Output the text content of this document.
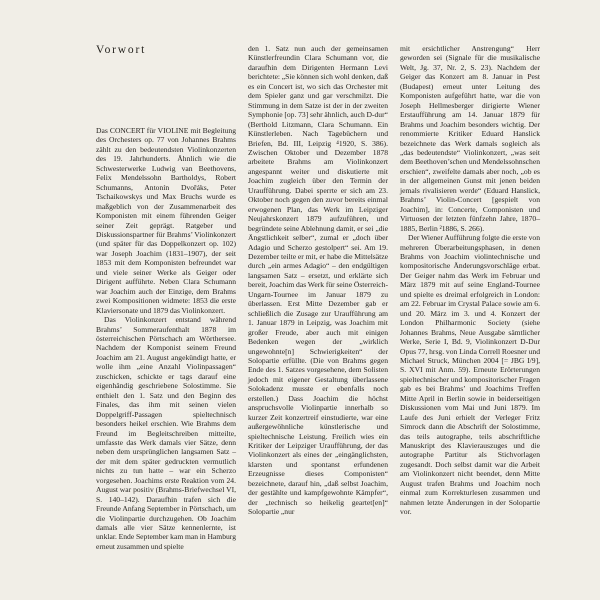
Vorwort

Das CONCERT für VIOLINE mit Begleitung des Orchesters op. 77 von Johannes Brahms zählt zu den bedeutendsten Violinkonzerten des 19. Jahrhunderts. Ähnlich wie die Schwesterwerke Ludwig van Beethovens, Felix Mendelssohn Bartholdys, Robert Schumanns, Antonín Dvořáks, Peter Tschaikowskys und Max Bruchs wurde es maßgeblich von der Zusammenarbeit des Komponisten mit einem führenden Geiger seiner Zeit geprägt. Ratgeber und Diskussionspartner für Brahms’ Violinkonzert (und später für das Doppelkonzert op. 102) war Joseph Joachim (1831–1907), der seit 1853 mit dem Komponisten befreundet war und viele seiner Werke als Geiger oder Dirigent aufführte. Neben Clara Schumann war Joachim auch der Einzige, dem Brahms zwei Kompositionen widmete: 1853 die erste Klaviersonate und 1879 das Violinkonzert.

Das Violinkonzert entstand während Brahms’ Sommeraufenthalt 1878 im österreichischen Pörtschach am Wörthersee. Nachdem der Komponist seinem Freund Joachim am 21. August angekündigt hatte, er wolle ihm „eine Anzahl Violinpassagen“ zuschicken, schickte er tags darauf eine eigenhändig geschriebene Solostimme. Sie enthielt den 1. Satz und den Beginn des Finales, das ihm mit seinen vielen Doppelgriff-Passagen spieltechnisch besonders heikel erschien. Wie Brahms dem Freund im Begleitschreiben mitteilte, umfasste das Werk damals vier Sätze, denn neben dem ursprünglichen langsamen Satz – der mit dem später gedruckten vermutlich nichts zu tun hatte – war ein Scherzo vorgesehen. Joachims erste Reaktion vom 24. August war positiv (Brahms-Briefwechsel VI, S. 140–142). Daraufhin trafen sich die Freunde Anfang September in Pörtschach, um die Violinpartie durchzugehen. Ob Joachim damals alle vier Sätze kennenlernte, ist unklar. Ende September kam man in Hamburg erneut zusammen und spielte

den 1. Satz nun auch der gemeinsamen Künstlerfreundin Clara Schumann vor, die daraufhin dem Dirigenten Hermann Levi berichtete: „Sie können sich wohl denken, daß es ein Concert ist, wo sich das Orchester mit dem Spieler ganz und gar verschmilzt. Die Stimmung in dem Satze ist der in der zweiten Symphonie [op. 73] sehr ähnlich, auch D-dur“ (Berthold Litzmann, Clara Schumann. Ein Künstlerleben. Nach Tagebüchern und Briefen, Bd. III, Leipzig ⁴1920, S. 386). Zwischen Oktober und Dezember 1878 arbeitete Brahms am Violinkonzert angespannt weiter und diskutierte mit Joachim zugleich über den Termin der Uraufführung. Dabei sperrte er sich am 23. Oktober noch gegen den zuvor bereits einmal erwogenen Plan, das Werk im Leipziger Neujahrskonzert 1879 aufzuführen, und begründete seine Ablehnung damit, er sei „die Ängstlichkeit selber“, zumal er „doch über Adagio und Scherzo gestolpert“ sei. Am 19. Dezember teilte er mit, er habe die Mittelsätze durch „ein armes Adagio“ – den endgültigen langsamen Satz – ersetzt, und erklärte sich bereit, Joachim das Werk für seine Österreich-Ungarn-Tournee im Januar 1879 zu überlassen. Erst Mitte Dezember gab er schließlich die Zusage zur Uraufführung am 1. Januar 1879 in Leipzig, was Joachim mit großer Freude, aber auch mit einigen Bedenken wegen der „wirklich ungewohnte[n] Schwierigkeiten“ der Solopartie erfüllte. (Die von Brahms gegen Ende des 1. Satzes vorgesehene, dem Solisten jedoch mit eigener Gestaltung überlassene Solokadenz musste er ebenfalls noch erstellen.) Dass Joachim die höchst anspruchsvolle Violinpartie innerhalb so kurzer Zeit konzertreif einstudierte, war eine außergewöhnliche künstlerische und spieltechnische Leistung. Freilich wies ein Kritiker der Leipziger Uraufführung, der das Violinkonzert als eines der „eingänglichsten, klarsten und spontanst erfundenen Erzeugnisse dieses Componisten“ bezeichnete, darauf hin, „daß selbst Joachim, der gestählte und kampfgewohnte Kämpfer“, der „technisch so heikelig geartet[en]“ Solopartie „nur

mit ersichtlicher Anstrengung“ Herr geworden sei (Signale für die musikalische Welt, Jg. 37, Nr. 2, S. 23). Nachdem der Geiger das Konzert am 8. Januar in Pest (Budapest) erneut unter Leitung des Komponisten aufgeführt hatte, war die von Joseph Hellmesberger dirigierte Wiener Erstaufführung am 14. Januar 1879 für Brahms und Joachim besonders wichtig. Der renommierte Kritiker Eduard Hanslick bezeichnete das Werk damals sogleich als „das bedeutendste“ Violinkonzert, „was seit dem Beethoven’schen und Mendelssohnschen erschien“, zweifelte damals aber noch, „ob es in der allgemeinen Gunst mit jenen beiden jemals rivalisieren werde“ (Eduard Hanslick, Brahms’ Violin-Concert [gespielt von Joachim], in: Concerte, Componisten und Virtuosen der letzten fünfzehn Jahre, 1870–1885, Berlin ²1886, S. 266).

Der Wiener Aufführung folgte die erste von mehreren Überarbeitungsphasen, in denen Brahms von Joachim violintechnische und kompositorische Änderungsvorschläge erbat. Der Geiger nahm das Werk im Februar und März 1879 mit auf seine England-Tournee und spielte es dreimal erfolgreich in London: am 22. Februar im Crystal Palace sowie am 6. und 20. März im 3. und 4. Konzert der London Philharmonic Society (siehe Johannes Brahms, Neue Ausgabe sämtlicher Werke, Serie I, Bd. 9, Violinkonzert D-Dur Opus 77, hrsg. von Linda Correll Roesner und Michael Struck, München 2004 [= JBG I/9], S. XVI mit Anm. 59). Erneute Erörterungen spieltechnischer und kompositorischer Fragen gab es bei Brahms’ und Joachims Treffen Mitte April in Berlin sowie in beiderseitigen Diskussionen vom Mai und Juni 1879. Im Laufe des Juni erhielt der Verleger Fritz Simrock dann die Abschrift der Solostimme, das teils autographe, teils abschriftliche Manuskript des Klavierauszuges und die autographe Partitur als Stichvorlagen zugesandt. Doch selbst damit war die Arbeit am Violinkonzert nicht beendet, denn Mitte August trafen Brahms und Joachim noch einmal zum Korrekturlesen zusammen und nahmen letzte Änderungen in der Solopartie vor.
